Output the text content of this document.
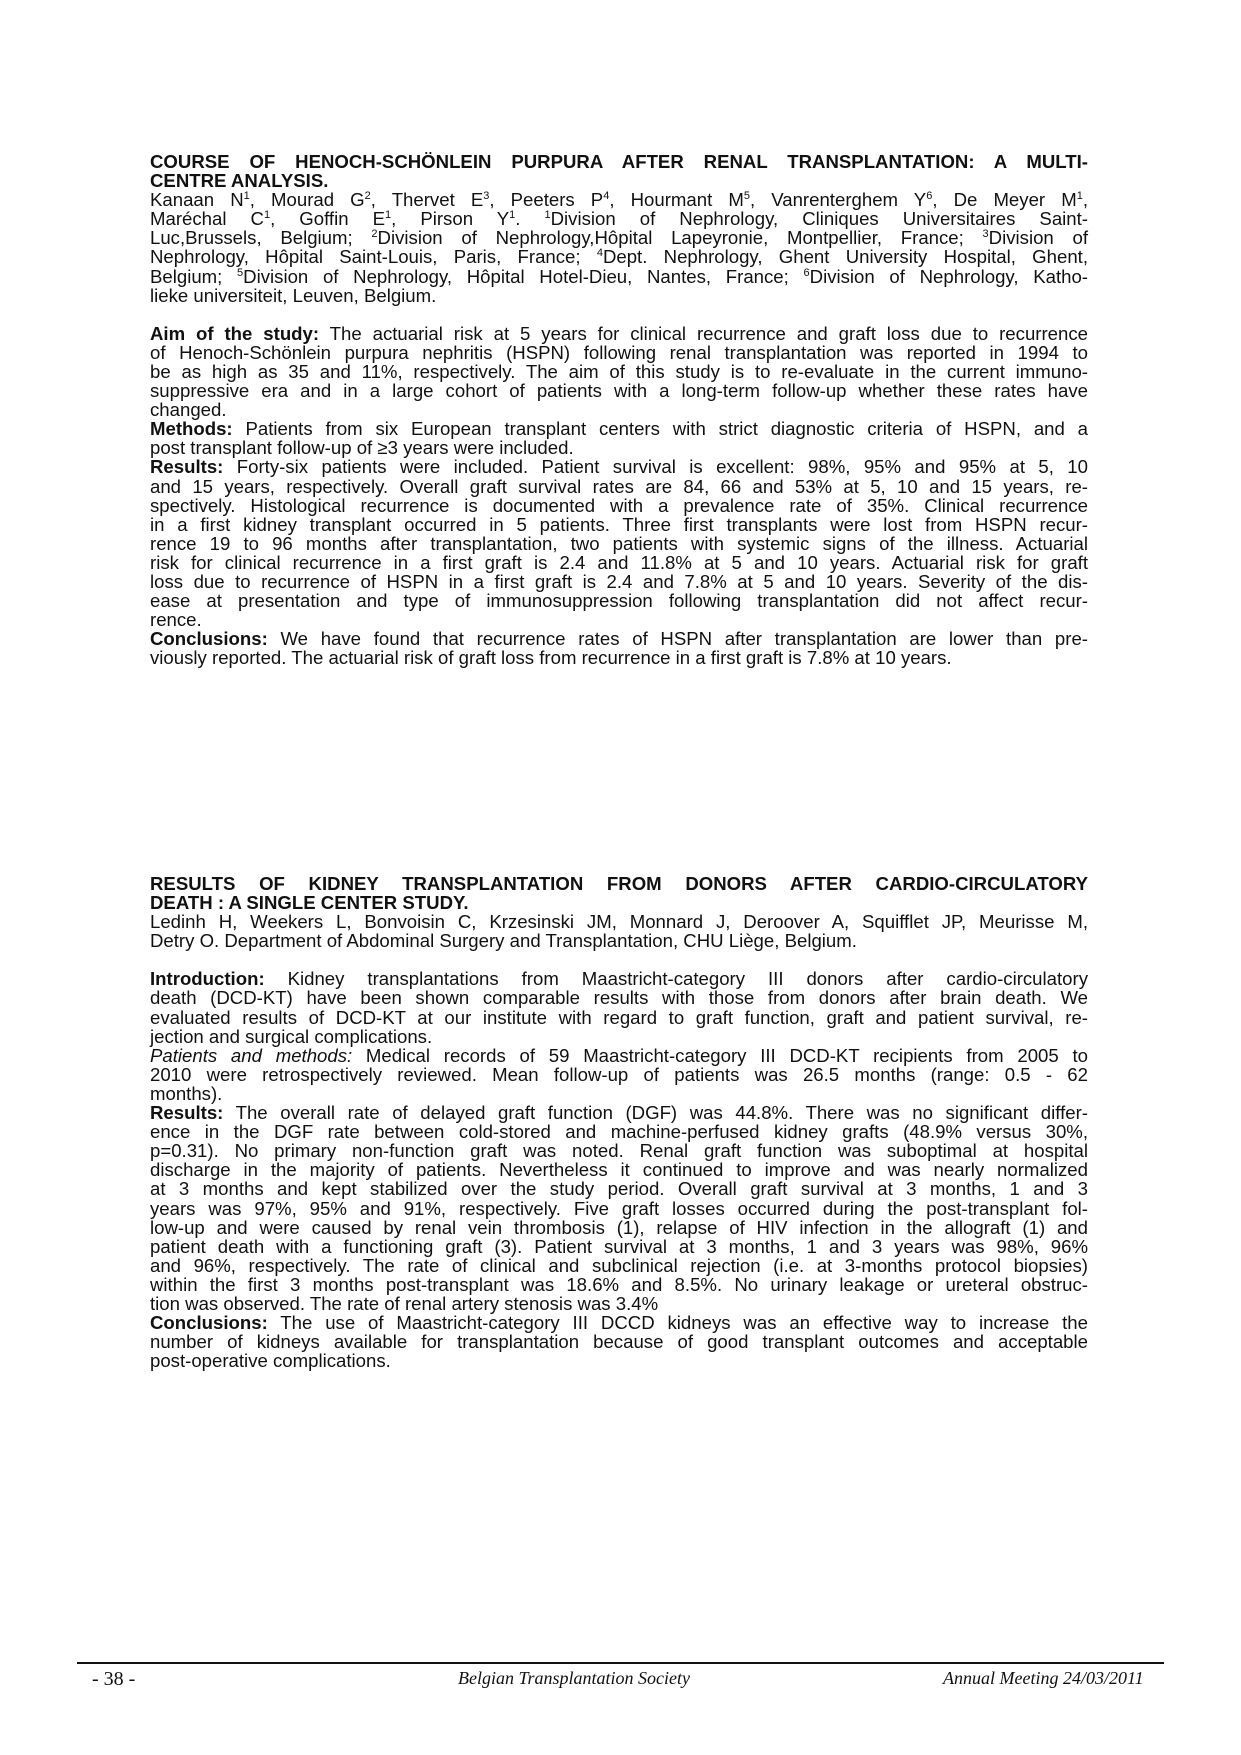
COURSE OF HENOCH-SCHÖNLEIN PURPURA AFTER RENAL TRANSPLANTATION: A MULTI-
CENTRE ANALYSIS.
Kanaan $N^1$, Mourad $G^2$, Thervet $E^3$, Peeters $P^4$, Hourmant $M^5$, Vanrenterghem $Y^6$, De Meyer $M^1$,
Maréchal $C^1$, Goffin $E^1$, Pirson $Y^1$. $^1$Division of Nephrology, Cliniques Universitaires Saint-
Luc,Brussels, Belgium; $^2$Division of Nephrology,Hôpital Lapeyronie, Montpellier, France; $^3$Division of
Nephrology, Hôpital Saint-Louis, Paris, France; $^4$Dept. Nephrology, Ghent University Hospital, Ghent,
Belgium; $^5$Division of Nephrology, Hôpital Hotel-Dieu, Nantes, France; $^6$Division of Nephrology, Katho-
lieke universiteit, Leuven, Belgium.
Aim of the study: The actuarial risk at 5 years for clinical recurrence and graft loss due to recurrence
of Henoch-Schönlein purpura nephritis (HSPN) following renal transplantation was reported in 1994 to
be as high as 35 and 11%, respectively. The aim of this study is to re-evaluate in the current immuno-
suppressive era and in a large cohort of patients with a long-term follow-up whether these rates have
changed.
Methods: Patients from six European transplant centers with strict diagnostic criteria of HSPN, and a
post transplant follow-up of ≥3 years were included.
Results: Forty-six patients were included. Patient survival is excellent: 98%, 95% and 95% at 5, 10
and 15 years, respectively. Overall graft survival rates are 84, 66 and 53% at 5, 10 and 15 years, re-
spectively. Histological recurrence is documented with a prevalence rate of 35%. Clinical recurrence
in a first kidney transplant occurred in 5 patients. Three first transplants were lost from HSPN recur-
rence 19 to 96 months after transplantation, two patients with systemic signs of the illness. Actuarial
risk for clinical recurrence in a first graft is 2.4 and 11.8% at 5 and 10 years. Actuarial risk for graft
loss due to recurrence of HSPN in a first graft is 2.4 and 7.8% at 5 and 10 years. Severity of the dis-
ease at presentation and type of immunosuppression following transplantation did not affect recur-
rence.
Conclusions: We have found that recurrence rates of HSPN after transplantation are lower than pre-
viously reported. The actuarial risk of graft loss from recurrence in a first graft is 7.8% at 10 years.
RESULTS OF KIDNEY TRANSPLANTATION FROM DONORS AFTER CARDIO-CIRCULATORY
DEATH : A SINGLE CENTER STUDY.
Ledinh H, Weekers L, Bonvoisin C, Krzesinski JM, Monnard J, Deroover A, Squifflet JP, Meurisse M,
Detry O. Department of Abdominal Surgery and Transplantation, CHU Liège, Belgium.
Introduction: Kidney transplantations from Maastricht-category III donors after cardio-circulatory
death (DCD-KT) have been shown comparable results with those from donors after brain death. We
evaluated results of DCD-KT at our institute with regard to graft function, graft and patient survival, re-
jection and surgical complications.
Patients and methods: Medical records of 59 Maastricht-category III DCD-KT recipients from 2005 to
2010 were retrospectively reviewed. Mean follow-up of patients was 26.5 months (range: 0.5 - 62
months).
Results: The overall rate of delayed graft function (DGF) was 44.8%. There was no significant differ-
ence in the DGF rate between cold-stored and machine-perfused kidney grafts (48.9% versus 30%,
p=0.31). No primary non-function graft was noted. Renal graft function was suboptimal at hospital
discharge in the majority of patients. Nevertheless it continued to improve and was nearly normalized
at 3 months and kept stabilized over the study period. Overall graft survival at 3 months, 1 and 3
years was 97%, 95% and 91%, respectively. Five graft losses occurred during the post-transplant fol-
low-up and were caused by renal vein thrombosis (1), relapse of HIV infection in the allograft (1) and
patient death with a functioning graft (3). Patient survival at 3 months, 1 and 3 years was 98%, 96%
and 96%, respectively. The rate of clinical and subclinical rejection (i.e. at 3-months protocol biopsies)
within the first 3 months post-transplant was 18.6% and 8.5%. No urinary leakage or ureteral obstruc-
tion was observed. The rate of renal artery stenosis was 3.4%
Conclusions: The use of Maastricht-category III DCCD kidneys was an effective way to increase the
number of kidneys available for transplantation because of good transplant outcomes and acceptable
post-operative complications.
- 38 -	Belgian Transplantation Society	Annual Meeting 24/03/2011
